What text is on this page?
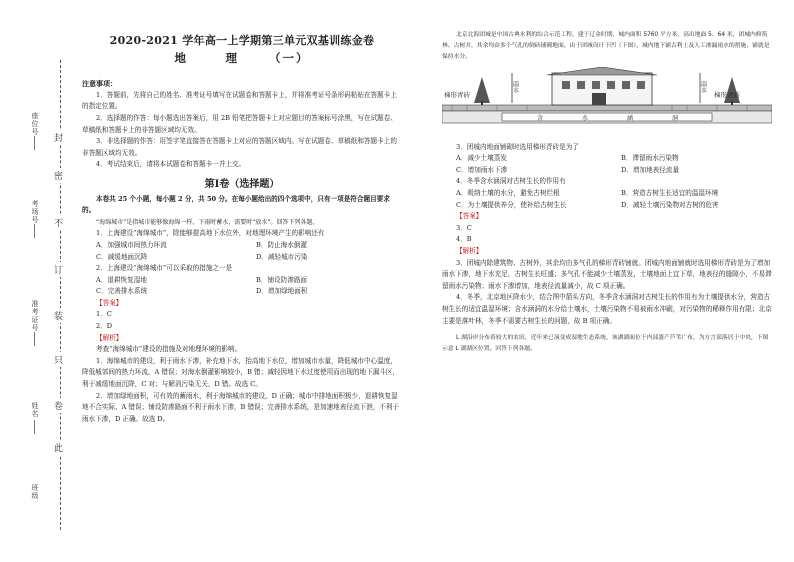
封
密
不
订
装
只
卷
此
座位号
考场号
准考证号
姓名
班级
2020-2021 学年高一上学期第三单元双基训练金卷
地　理 （一）
注意事项：

1．答题前，先将自己的姓名、准考证号填写在试题卷和答题卡上，并将准考证号条形码粘贴在答题卡上的指定位置。

2．选择题的作答：每小题选出答案后，用 2B 铅笔把答题卡上对应题目的答案标号涂黑，写在试题卷、草稿纸和答题卡上的非答题区域均无效。

3．非选择题的作答：用签字笔直接答在答题卡上对应的答题区域内。写在试题卷、草稿纸和答题卡上的非答题区域均无效。

4．考试结束后，请将本试题卷和答题卡一并上交。

第Ⅰ卷（选择题）

本卷共 25 个小题，每小题 2 分，共 50 分。在每小题给出的四个选项中，只有一项是符合题目要求的。

“海绵城市”是指城市能够像海绵一样，下雨时蓄水，需要时“放水”。回答下列各题。

1．上海建设“海绵城市”，除能够提高地下水位外，对地理环境产生的影响还有

A．加强城市间热力环流	B．防止海水倒灌
C．减缓地面沉降	D．减轻城市污染

2．上海建设“海绵城市”可以采取的措施之一是

A．退耕恢复湿地	B．铺设防渗路面
C．完善排水系统	D．增加绿地面积

【答案】

1．C

2．D

【解析】

考查“海绵城市”建设的措施及对地理环境的影响。

1．海绵城市的建设，利于雨水下渗，补充地下水，抬高地下水位，增加城市水量，降低城市中心温度，降低城郊间的热力环流，A 错误；对海水倒灌影响较小，B 错；减轻因地下水过度使用而出现的地下漏斗区，利于减缓地面沉降，C 对；与解消污染无关，D 错。故选 C。

2．增加绿地面积，可有效的蓄雨水，利于海绵城市的建设，D 正确；城市中排地面积极少，退耕恢复湿地不合实际，A 错误；铺设防渗路面不利于雨水下渗，B 错误；完善排水系统，是加速地表径流下泄，不利于雨水下渗，D 正确。故选 D。

北京北海团城是中国古典水利的综合示范工程，建于辽金时期，城内面积 5760 平方米，高出地面 5．64 米，团城内修筑林、古树并，其余均由多个气孔的倒砖铺砌地面。由于团城设计下凹（下图），城内地下铺古利土及人工渗漏雨水的措施，铺就是保持水分。

梯形青砖	梯形青砖
雨水	雨水
含	水	涵	洞

3．团城内地面铺砌时选用梯形青砖是为了

A．减少土壤蒸发	B．滞留雨水污染物
C．增加雨水下渗	D．增加地表径流量

4．冬季含水涵洞对古树生长的作用有

A．吸纳土壤的水分，避免古树烂根	B．营造古树生长适宜的温湿环境
C．为土壤提供养分，使补给古树生长	D．减轻土壤污染物对古树的危害

【答案】

3．C

4．B

【解析】

3．团城内除建筑物、古树外，其余均由多气孔的梯形青砖铺就。团城内地面铺就时选用梯形青砖是为了增加雨水下渗，地下水充足，古树生长旺盛；多气孔不能减少土壤蒸发，土壤地面上宜下草，地表径的缝隙小，不易滞留雨水污染物；雨水下渗增加，地表径流量减小，故 C 项正确。

4．冬季，北京地区降水少，结合图中箭头方向，冬季含水涵洞对古树生长的作用有为土壤提供水分，营造古树生长的适宜温湿环境；含水涵洞的水分给土壤水，土壤污染物不易被雨水冲刷，对污染物的稀释作用有限；北京主要是落叶林，冬季不需要古树生长的问题，故 B 项正确。

L 湖沿岸分布着较大的农田，近年来已演变成湿地生态系统，该湖湖面位于内部盛产芦苇广布，为方言部落居于中央，下图示意 L 湖湖区位置。回答下列各题。
